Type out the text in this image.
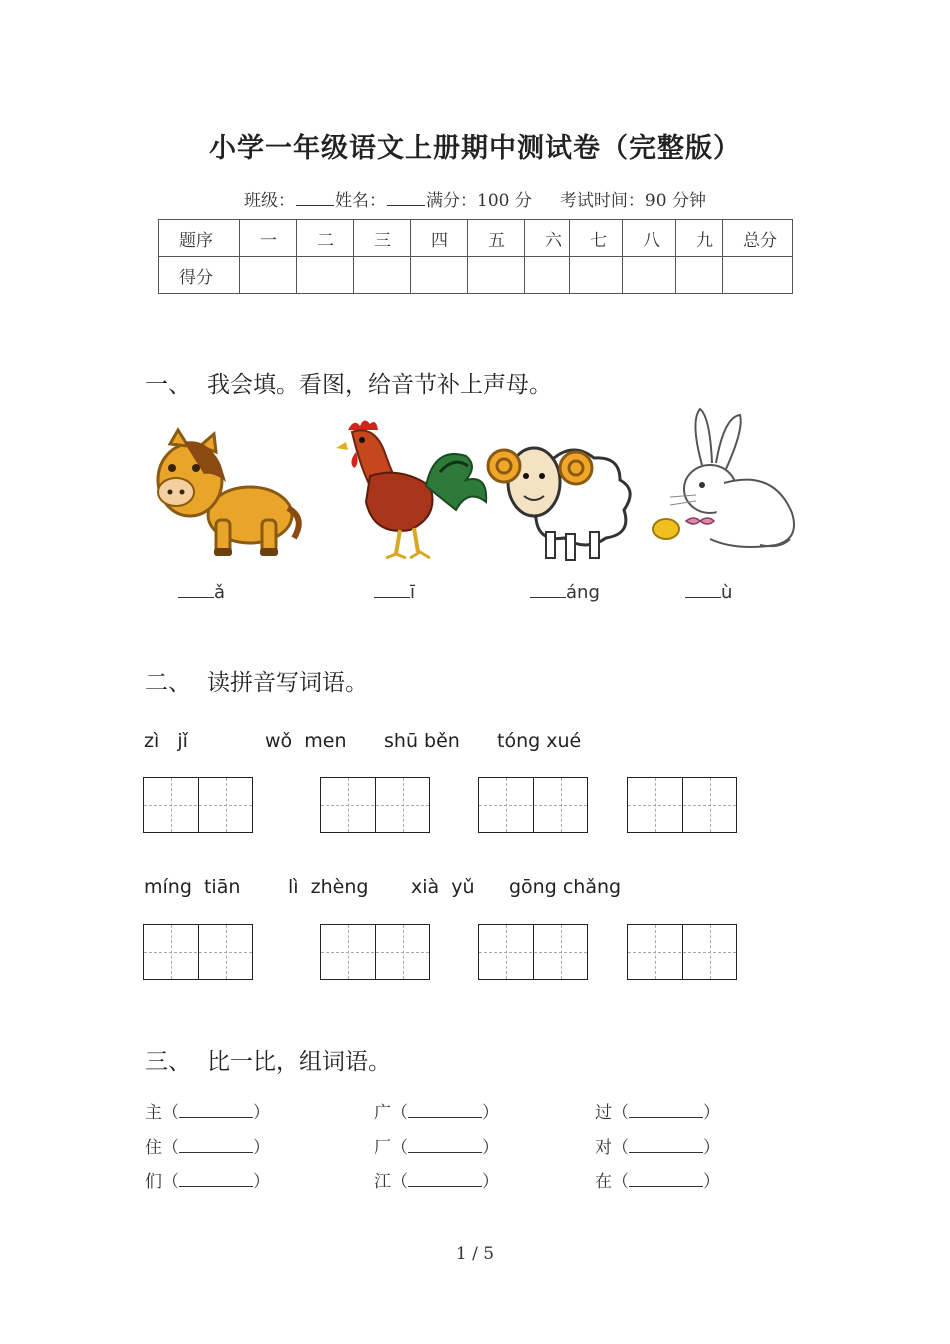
小学一年级语文上册期中测试卷（完整版）
班级： 姓名： 满分：100 分 考试时间：90 分钟
题序	一	二	三	四	五	六	七	八	九	总分
得分										
一、 我会填。看图，给音节补上声母。
ǎ	ī	áng	ù
二、 读拼音写词语。
zì   jǐ	wǒ  men shū běn tóng xué
míng  tiān	lì  zhèng xià  yǔ gōng chǎng
三、 比一比，组词语。
主（	）	广（	）	过（	）
住（	）	厂（	）	对（	）
们（	）	江（	）	在（	）
1 / 5
